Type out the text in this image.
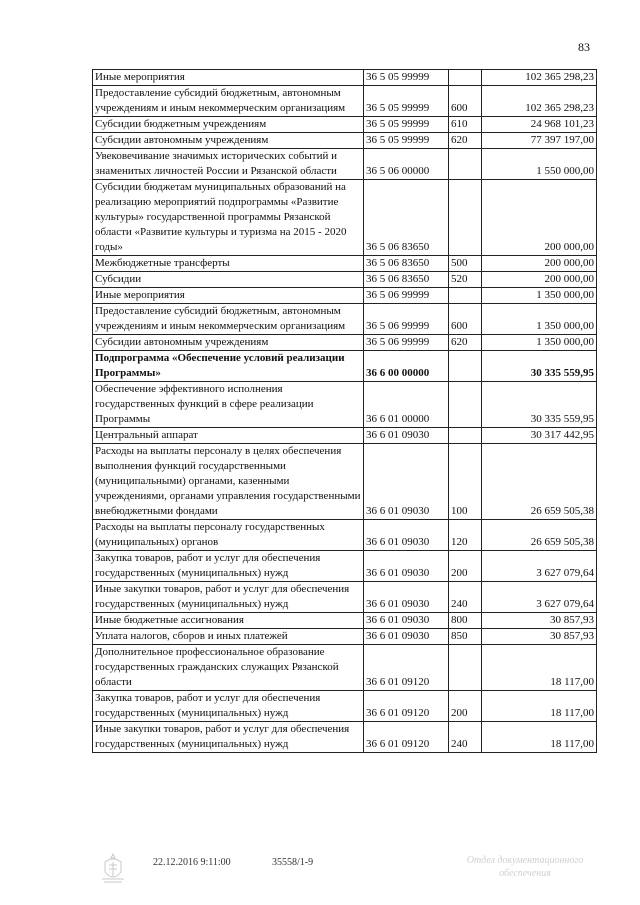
83
Иные мероприятия	36 5 05 99999		102 365 298,23
Предоставление субсидий бюджетным, автономным учреждениям и иным некоммерческим организациям	36 5 05 99999	600	102 365 298,23
Субсидии бюджетным учреждениям	36 5 05 99999	610	24 968 101,23
Субсидии автономным учреждениям	36 5 05 99999	620	77 397 197,00
Увековечивание значимых исторических событий и знаменитых личностей России и Рязанской области	36 5 06 00000		1 550 000,00
Субсидии бюджетам муниципальных образований на реализацию мероприятий подпрограммы «Развитие культуры» государственной программы Рязанской области «Развитие культуры и туризма на 2015 - 2020 годы»	36 5 06 83650		200 000,00
Межбюджетные трансферты	36 5 06 83650	500	200 000,00
Субсидии	36 5 06 83650	520	200 000,00
Иные мероприятия	36 5 06 99999		1 350 000,00
Предоставление субсидий бюджетным, автономным учреждениям и иным некоммерческим организациям	36 5 06 99999	600	1 350 000,00
Субсидии автономным учреждениям	36 5 06 99999	620	1 350 000,00
Подпрограмма «Обеспечение условий реализации Программы»	36 6 00 00000		30 335 559,95
Обеспечение эффективного исполнения государственных функций в сфере реализации Программы	36 6 01 00000		30 335 559,95
Центральный аппарат	36 6 01 09030		30 317 442,95
Расходы на выплаты персоналу в целях обеспечения выполнения функций государственными (муниципальными) органами, казенными учреждениями, органами управления государственными внебюджетными фондами	36 6 01 09030	100	26 659 505,38
Расходы на выплаты персоналу государственных (муниципальных) органов	36 6 01 09030	120	26 659 505,38
Закупка товаров, работ и услуг для обеспечения государственных (муниципальных) нужд	36 6 01 09030	200	3 627 079,64
Иные закупки товаров, работ и услуг для обеспечения государственных (муниципальных) нужд	36 6 01 09030	240	3 627 079,64
Иные бюджетные ассигнования	36 6 01 09030	800	30 857,93
Уплата налогов, сборов и иных платежей	36 6 01 09030	850	30 857,93
Дополнительное профессиональное образование государственных гражданских служащих Рязанской области	36 6 01 09120		18 117,00
Закупка товаров, работ и услуг для обеспечения государственных (муниципальных) нужд	36 6 01 09120	200	18 117,00
Иные закупки товаров, работ и услуг для обеспечения государственных (муниципальных) нужд	36 6 01 09120	240	18 117,00
22.12.2016 9:11:00	35558/1-9	Отдел документационного обеспечения
